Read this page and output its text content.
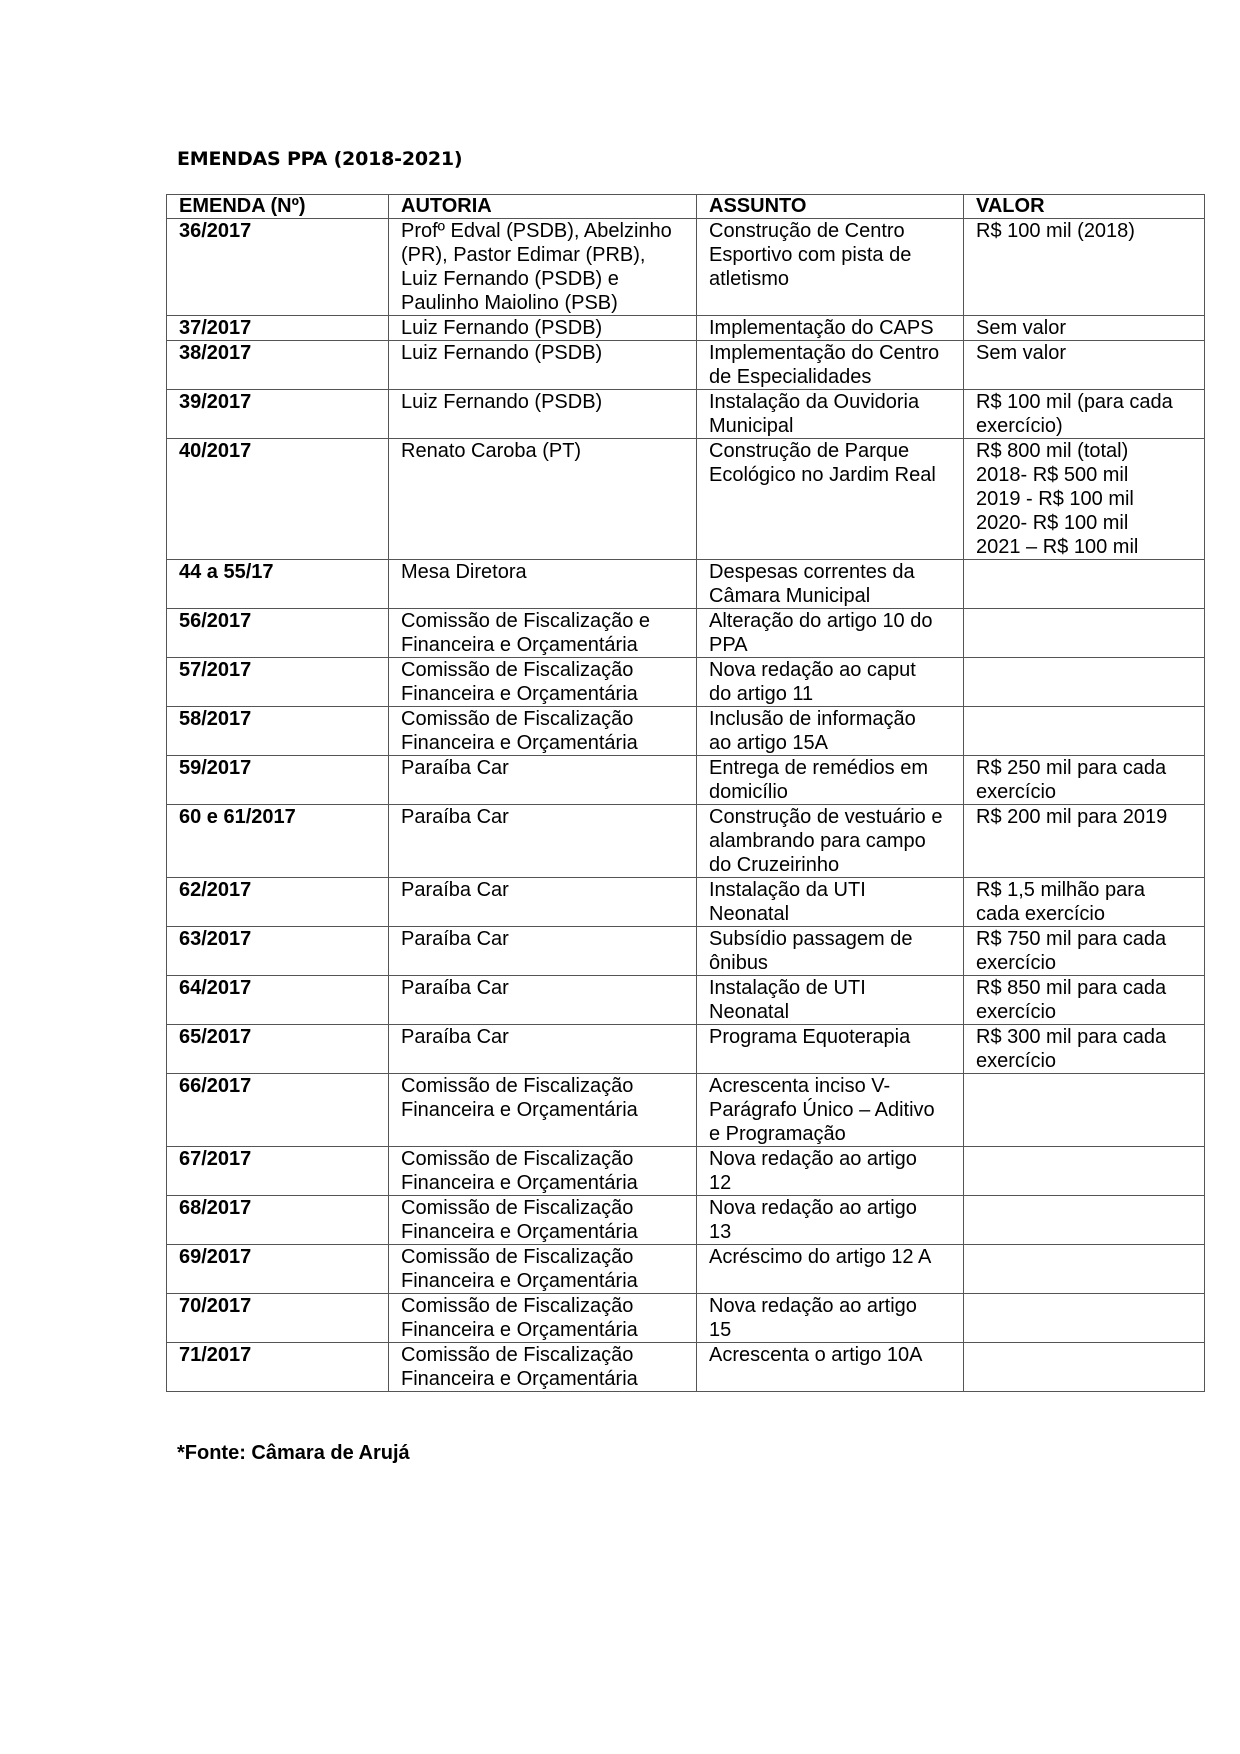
EMENDAS PPA (2018-2021)
EMENDA (Nº)	AUTORIA	ASSUNTO	VALOR
36/2017	Profº Edval (PSDB), Abelzinho
(PR), Pastor Edimar (PRB),
Luiz Fernando (PSDB) e
Paulinho Maiolino (PSB)	Construção de Centro
Esportivo com pista de
atletismo	R$ 100 mil (2018)

37/2017	Luiz Fernando (PSDB)	Implementação do CAPS	Sem valor

38/2017	Luiz Fernando (PSDB)	Implementação do Centro
de Especialidades	Sem valor

39/2017	Luiz Fernando (PSDB)	Instalação da Ouvidoria
Municipal	R$ 100 mil (para cada
exercício)

40/2017	Renato Caroba (PT)	Construção de Parque
Ecológico no Jardim Real	R$ 800 mil (total)
2018- R$ 500 mil
2019 - R$ 100 mil
2020- R$ 100 mil
2021 – R$ 100 mil

44 a 55/17	Mesa Diretora	Despesas correntes da
Câmara Municipal	

56/2017	Comissão de Fiscalização e
Financeira e Orçamentária	Alteração do artigo 10 do
PPA	

57/2017	Comissão de Fiscalização
Financeira e Orçamentária	Nova redação ao caput
do artigo 11	

58/2017	Comissão de Fiscalização
Financeira e Orçamentária	Inclusão de informação
ao artigo 15A	

59/2017	Paraíba Car	Entrega de remédios em
domicílio	R$ 250 mil para cada
exercício

60 e 61/2017	Paraíba Car	Construção de vestuário e
alambrando para campo
do Cruzeirinho	R$ 200 mil para 2019

62/2017	Paraíba Car	Instalação da UTI
Neonatal	R$ 1,5 milhão para
cada exercício

63/2017	Paraíba Car	Subsídio passagem de
ônibus	R$ 750 mil para cada
exercício

64/2017	Paraíba Car	Instalação de UTI
Neonatal	R$ 850 mil para cada
exercício

65/2017	Paraíba Car	Programa Equoterapia	R$ 300 mil para cada
exercício

66/2017	Comissão de Fiscalização
Financeira e Orçamentária	Acrescenta inciso V-
Parágrafo Único – Aditivo
e Programação	

67/2017	Comissão de Fiscalização
Financeira e Orçamentária	Nova redação ao artigo
12	

68/2017	Comissão de Fiscalização
Financeira e Orçamentária	Nova redação ao artigo
13	

69/2017	Comissão de Fiscalização
Financeira e Orçamentária	Acréscimo do artigo 12 A	

70/2017	Comissão de Fiscalização
Financeira e Orçamentária	Nova redação ao artigo
15	

71/2017	Comissão de Fiscalização
Financeira e Orçamentária	Acrescenta o artigo 10A	

*Fonte: Câmara de Arujá
